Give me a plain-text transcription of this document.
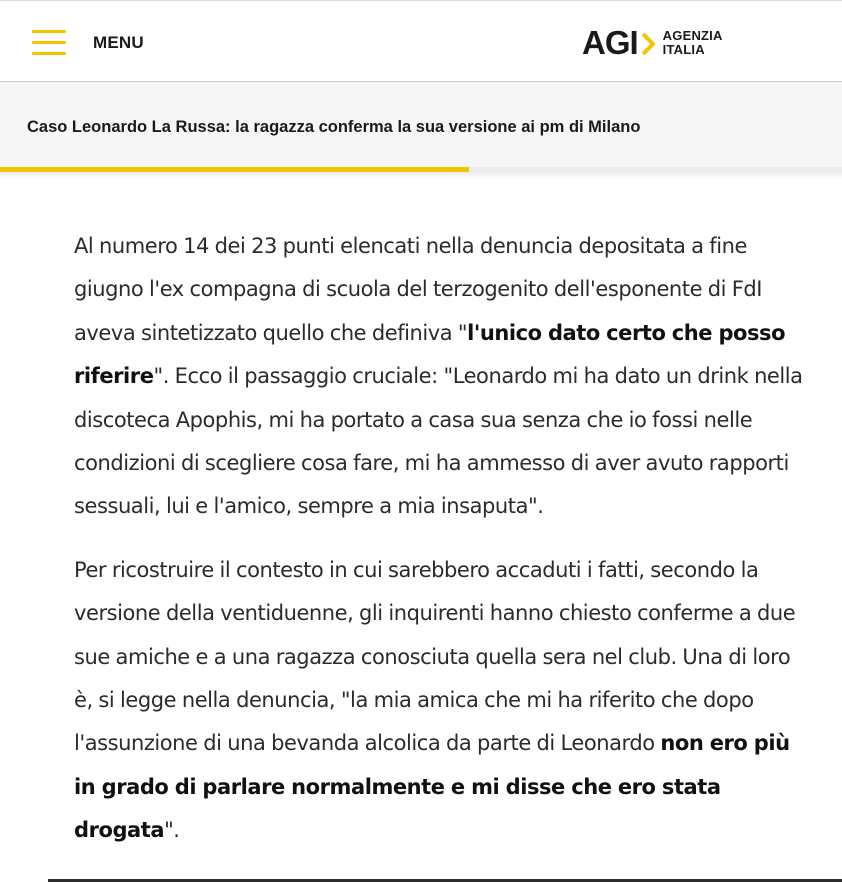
MENU	AGI AGENZIA
ITALIA
Caso Leonardo La Russa: la ragazza conferma la sua versione ai pm di Milano

Al numero 14 dei 23 punti elencati nella denuncia depositata a fine giugno l'ex compagna di scuola del terzogenito dell'esponente di FdI aveva sintetizzato quello che definiva "l'unico dato certo che posso riferire". Ecco il passaggio cruciale: "Leonardo mi ha dato un drink nella discoteca Apophis, mi ha portato a casa sua senza che io fossi nelle condizioni di scegliere cosa fare, mi ha ammesso di aver avuto rapporti sessuali, lui e l'amico, sempre a mia insaputa".

Per ricostruire il contesto in cui sarebbero accaduti i fatti, secondo la versione della ventiduenne, gli inquirenti hanno chiesto conferme a due sue amiche e a una ragazza conosciuta quella sera nel club. Una di loro è, si legge nella denuncia, "la mia amica che mi ha riferito che dopo l'assunzione di una bevanda alcolica da parte di Leonardo non ero più in grado di parlare normalmente e mi disse che ero stata drogata".
